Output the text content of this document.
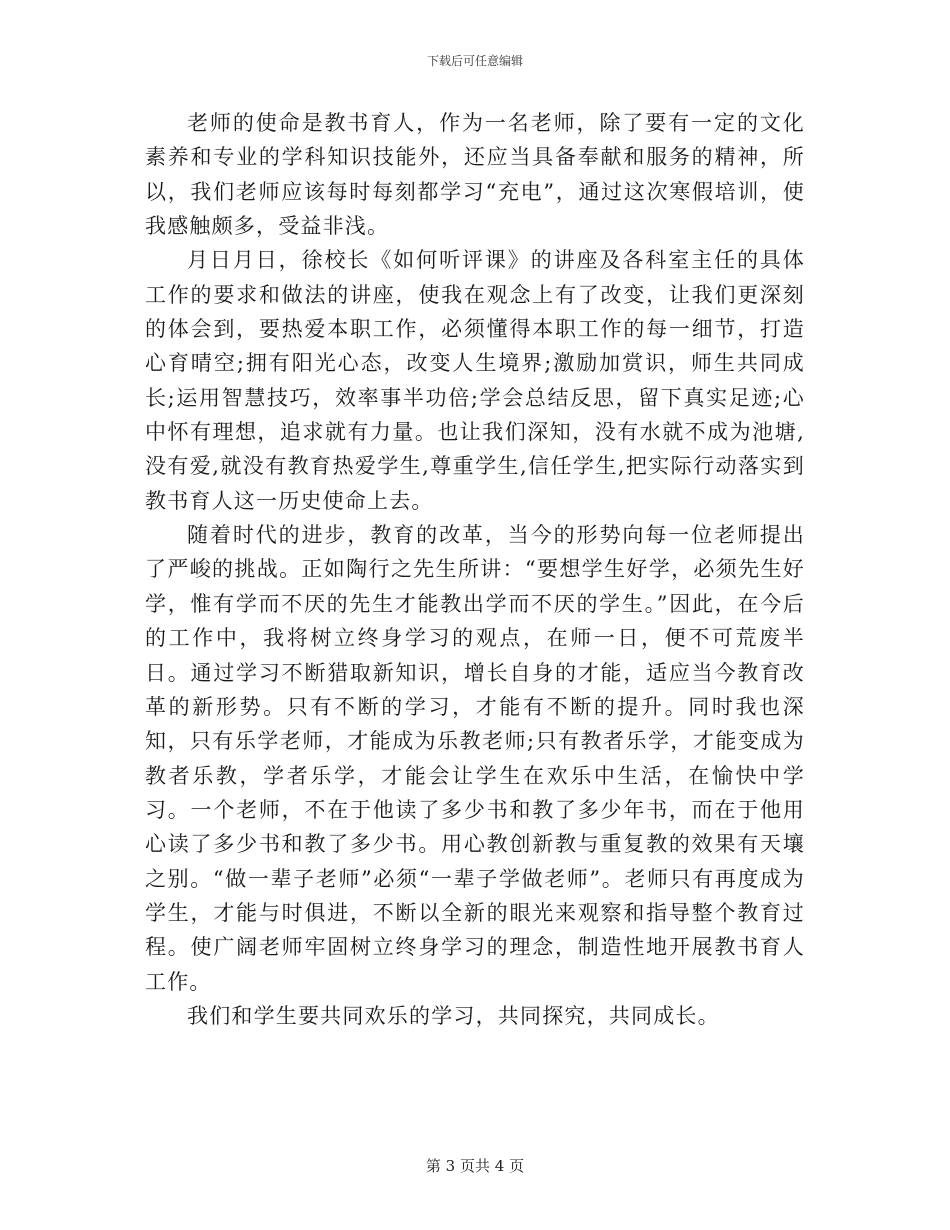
下载后可任意编辑

老师的使命是教书育人，作为一名老师，除了要有一定的文化素养和专业的学科知识技能外，还应当具备奉献和服务的精神，所以，我们老师应该每时每刻都学习“充电”，通过这次寒假培训，使我感触颇多，受益非浅。

月日月日，徐校长《如何听评课》的讲座及各科室主任的具体工作的要求和做法的讲座，使我在观念上有了改变，让我们更深刻的体会到，要热爱本职工作，必须懂得本职工作的每一细节，打造心育晴空;拥有阳光心态，改变人生境界;激励加赏识，师生共同成长;运用智慧技巧，效率事半功倍;学会总结反思，留下真实足迹;心中怀有理想，追求就有力量。也让我们深知，没有水就不成为池塘,没有爱,就没有教育热爱学生,尊重学生,信任学生,把实际行动落实到教书育人这一历史使命上去。

随着时代的进步，教育的改革，当今的形势向每一位老师提出了严峻的挑战。正如陶行之先生所讲：“要想学生好学，必须先生好学，惟有学而不厌的先生才能教出学而不厌的学生。”因此，在今后的工作中，我将树立终身学习的观点，在师一日，便不可荒废半日。通过学习不断猎取新知识，增长自身的才能，适应当今教育改革的新形势。只有不断的学习，才能有不断的提升。同时我也深知，只有乐学老师，才能成为乐教老师;只有教者乐学，才能变成为教者乐教，学者乐学，才能会让学生在欢乐中生活，在愉快中学习。一个老师，不在于他读了多少书和教了多少年书，而在于他用心读了多少书和教了多少书。用心教创新教与重复教的效果有天壤之别。“做一辈子老师”必须“一辈子学做老师”。老师只有再度成为学生，才能与时俱进，不断以全新的眼光来观察和指导整个教育过程。使广阔老师牢固树立终身学习的理念，制造性地开展教书育人工作。

我们和学生要共同欢乐的学习，共同探究，共同成长。

第 3 页共 4 页
